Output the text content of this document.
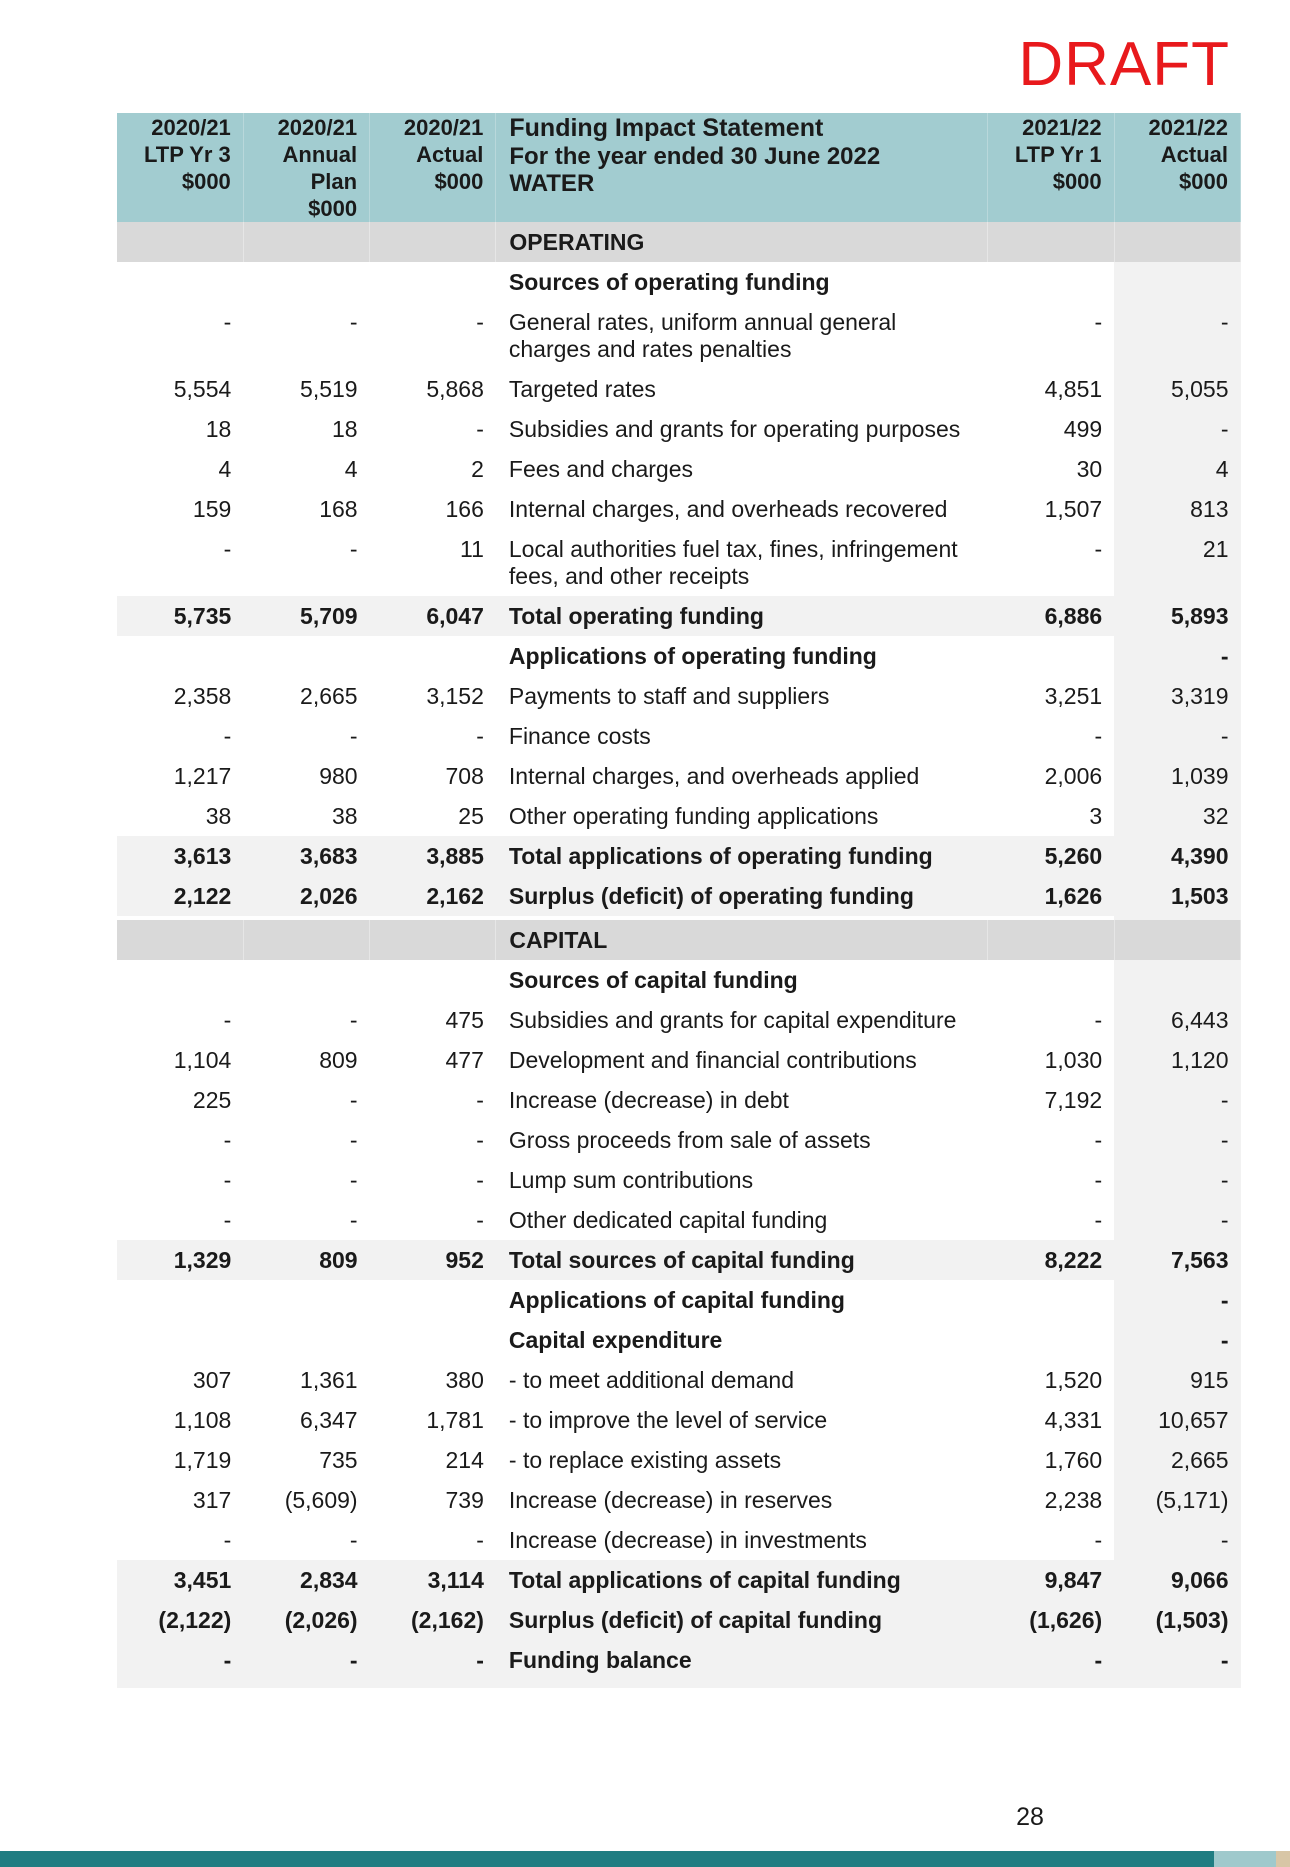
DRAFT
2020/21
LTP Yr 3
$000	2020/21
Annual
Plan
$000	2020/21
Actual
$000	Funding Impact Statement
For the year ended 30 June 2022
WATER	2021/22
LTP Yr 1
$000	2021/22
Actual
$000

			OPERATING		
			Sources of operating funding		
-	-	-	General rates, uniform annual general charges and rates penalties	-	-
5,554	5,519	5,868	Targeted rates	4,851	5,055
18	18	-	Subsidies and grants for operating purposes	499	-
4	4	2	Fees and charges	30	4
159	168	166	Internal charges, and overheads recovered	1,507	813
-	-	11	Local authorities fuel tax, fines, infringement fees, and other receipts	-	21
5,735	5,709	6,047	Total operating funding	6,886	5,893
			Applications of operating funding		-
2,358	2,665	3,152	Payments to staff and suppliers	3,251	3,319
-	-	-	Finance costs	-	-
1,217	980	708	Internal charges, and overheads applied	2,006	1,039
38	38	25	Other operating funding applications	3	32
3,613	3,683	3,885	Total applications of operating funding	5,260	4,390
2,122	2,026	2,162	Surplus (deficit) of operating funding	1,626	1,503

			CAPITAL		
			Sources of capital funding		
-	-	475	Subsidies and grants for capital expenditure	-	6,443
1,104	809	477	Development and financial contributions	1,030	1,120
225	-	-	Increase (decrease) in debt	7,192	-
-	-	-	Gross proceeds from sale of assets	-	-
-	-	-	Lump sum contributions	-	-
-	-	-	Other dedicated capital funding	-	-
1,329	809	952	Total sources of capital funding	8,222	7,563
			Applications of capital funding		-
			Capital expenditure		-
307	1,361	380	- to meet additional demand	1,520	915
1,108	6,347	1,781	- to improve the level of service	4,331	10,657
1,719	735	214	- to replace existing assets	1,760	2,665
317	(5,609)	739	Increase (decrease) in reserves	2,238	(5,171)
-	-	-	Increase (decrease) in investments	-	-
3,451	2,834	3,114	Total applications of capital funding	9,847	9,066
(2,122)	(2,026)	(2,162)	Surplus (deficit) of capital funding	(1,626)	(1,503)
-	-	-	Funding balance	-	-
28
